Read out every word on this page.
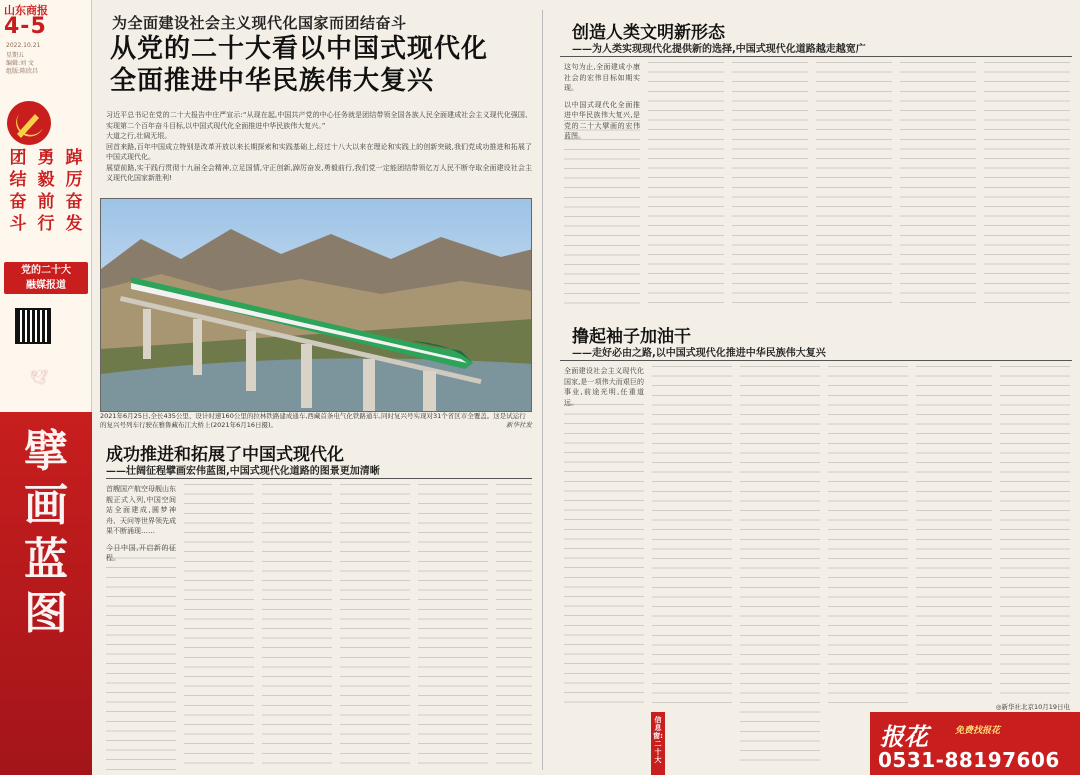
山东商报
4-5
2022.10.21
星期五
编辑:刘 文
组版:陈欣昌
团 勇 踔
结 毅 厉
奋 前 奋
斗 行 发
党的二十大
融媒报道
🕊
擘
画
蓝
图
为全面建设社会主义现代化国家而团结奋斗
从党的二十大看以中国式现代化
全面推进中华民族伟大复兴

习近平总书记在党的二十大报告中庄严宣示:“从现在起,中国共产党的中心任务就是团结带领全国各族人民全面建成社会主义现代化强国、实现第二个百年奋斗目标,以中国式现代化全面推进中华民族伟大复兴。”

大道之行,壮阔无垠。

回首来路,百年中国成立特别是改革开放以来长期探索和实践基础上,经过十八大以来在理论和实践上的创新突破,我们党成功推进和拓展了中国式现代化。

展望前路,实干践行贯彻十九届全会精神,立足国情,守正创新,踔厉奋发,勇毅前行,我们党一定能团结带领亿万人民不断夺取全面建设社会主义现代化国家新胜利!

2021年6月25日,全长435公里、设计时速160公里的拉林铁路建成通车,西藏首条电气化铁路通车,同时复兴号实现对31个省区市全覆盖。这是试运行的复兴号列车行驶在雅鲁藏布江大桥上(2021年6月16日摄)。	新华社发
成功推进和拓展了中国式现代化
——壮阔征程擘画宏伟蓝图,中国式现代化道路的图景更加清晰

首艘国产航空母舰山东舰正式入列,中国空间站全面建成,圆梦神舟、天问等世界领先成果不断涌现……

今日中国,开启新的征程。

创造人类文明新形态
——为人类实现现代化提供新的选择,中国式现代化道路越走越宽广

这句为止,全面建成小康社会的宏伟目标如期实现。

以中国式现代化全面推进中华民族伟大复兴,是党的二十大擘画的宏伟蓝图。

撸起袖子加油干
——走好必由之路,以中国式现代化推进中华民族伟大复兴
全面建设社会主义现代化国家,是一项伟大而艰巨的事业,前途光明,任重道远。
◎新华社北京10月19日电
信息窗:二十大
报花	免费找报花
0531-88197606
